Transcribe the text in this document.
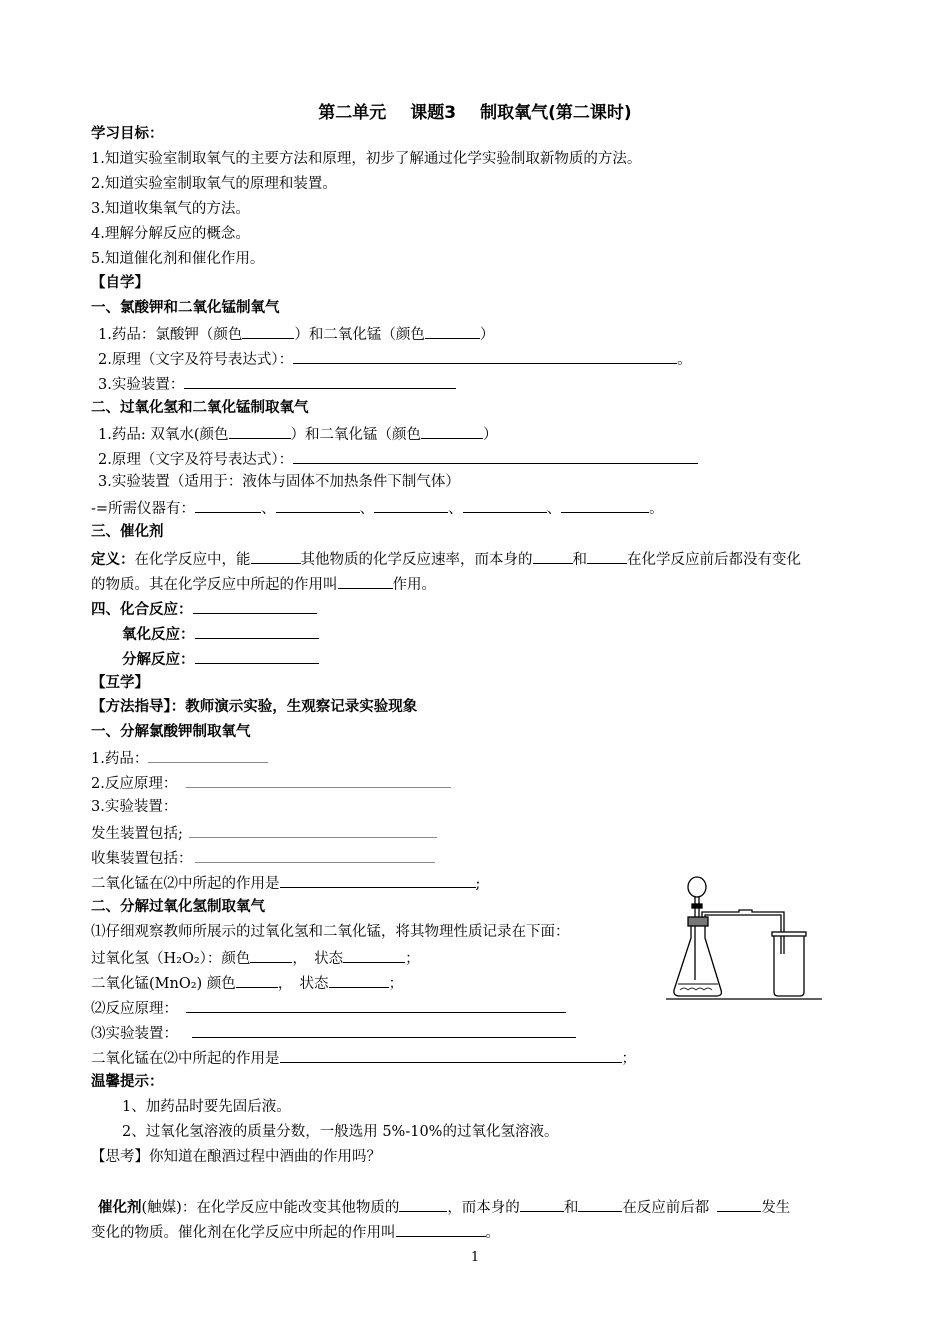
第二单元 课题3 制取氧气(第二课时)
学习目标：
1.知道实验室制取氧气的主要方法和原理，初步了解通过化学实验制取新物质的方法。
2.知道实验室制取氧气的原理和装置。
3.知道收集氧气的方法。
4.理解分解反应的概念。
5.知道催化剂和催化作用。
【自学】
一、氯酸钾和二氧化锰制氧气
1.药品：氯酸钾（颜色	）和二氧化锰（颜色	）
2.原理（文字及符号表达式）：	。
3.实验装置：
二、过氧化氢和二氧化锰制取氧气
1.药品: 双氧水(颜色	）和二氧化锰（颜色	）
2.原理（文字及符号表达式）：
3.实验装置（适用于：液体与固体不加热条件下制气体）
-=所需仪器有：	、	、	、	、	。
三、催化剂
定义：在化学反应中，能	其他物质的化学反应速率，而本身的	和	在化学反应前后都没有变化
的物质。其在化学反应中所起的作用叫	作用。
四、化合反应：
氧化反应：
分解反应：
【互学】
【方法指导】：教师演示实验，生观察记录实验现象
一、分解氯酸钾制取氧气
1.药品：
2.反应原理：
3.实验装置：
发生装置包括;
收集装置包括：
二氧化锰在⑵中所起的作用是	;
二、分解过氧化氢制取氧气
⑴仔细观察教师所展示的过氧化氢和二氧化锰，将其物理性质记录在下面：
过氧化氢（H₂O₂）：颜色	，　状态	；
二氧化锰(MnO₂) 颜色	，　状态	；
⑵反应原理：
⑶实验装置：
二氧化锰在⑵中所起的作用是	；
温馨提示：
1、加药品时要先固后液。
2、过氧化氢溶液的质量分数，一般选用 5%-10%的过氧化氢溶液。
【思考】你知道在酿酒过程中酒曲的作用吗？
催化剂(触媒)：在化学反应中能改变其他物质的	，而本身的	和	在反应前后都	发生
变化的物质。催化剂在化学反应中所起的作用叫	。
1
